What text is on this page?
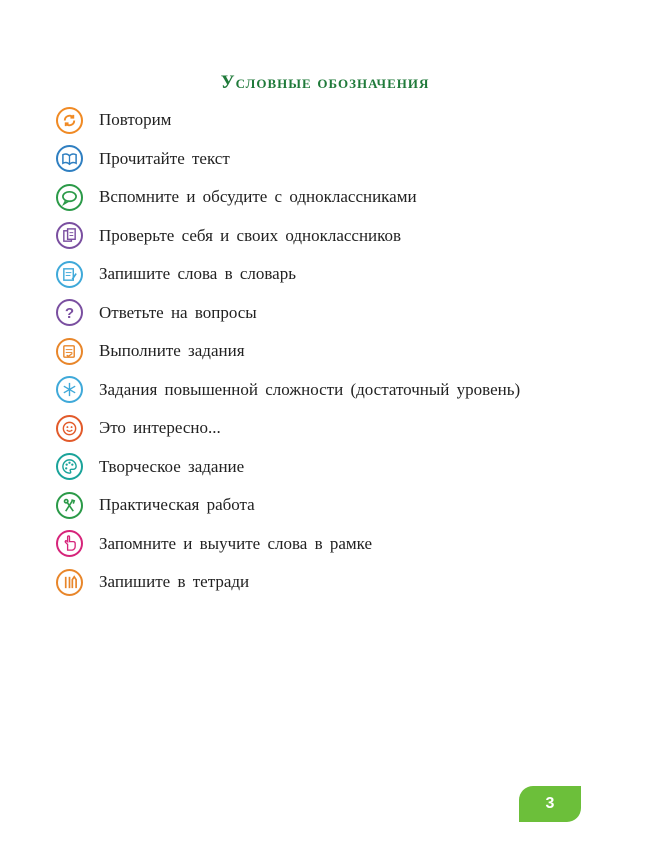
Условные обозначения
Повторим
Прочитайте текст
Вспомните и обсудите с одноклассниками
Проверьте себя и своих одноклассников
Запишите слова в словарь
? Ответьте на вопросы
Выполните задания
Задания повышенной сложности (достаточный уровень)
Это интересно...
Творческое задание
Практическая работа
Запомните и выучите слова в рамке
Запишите в тетради
3
